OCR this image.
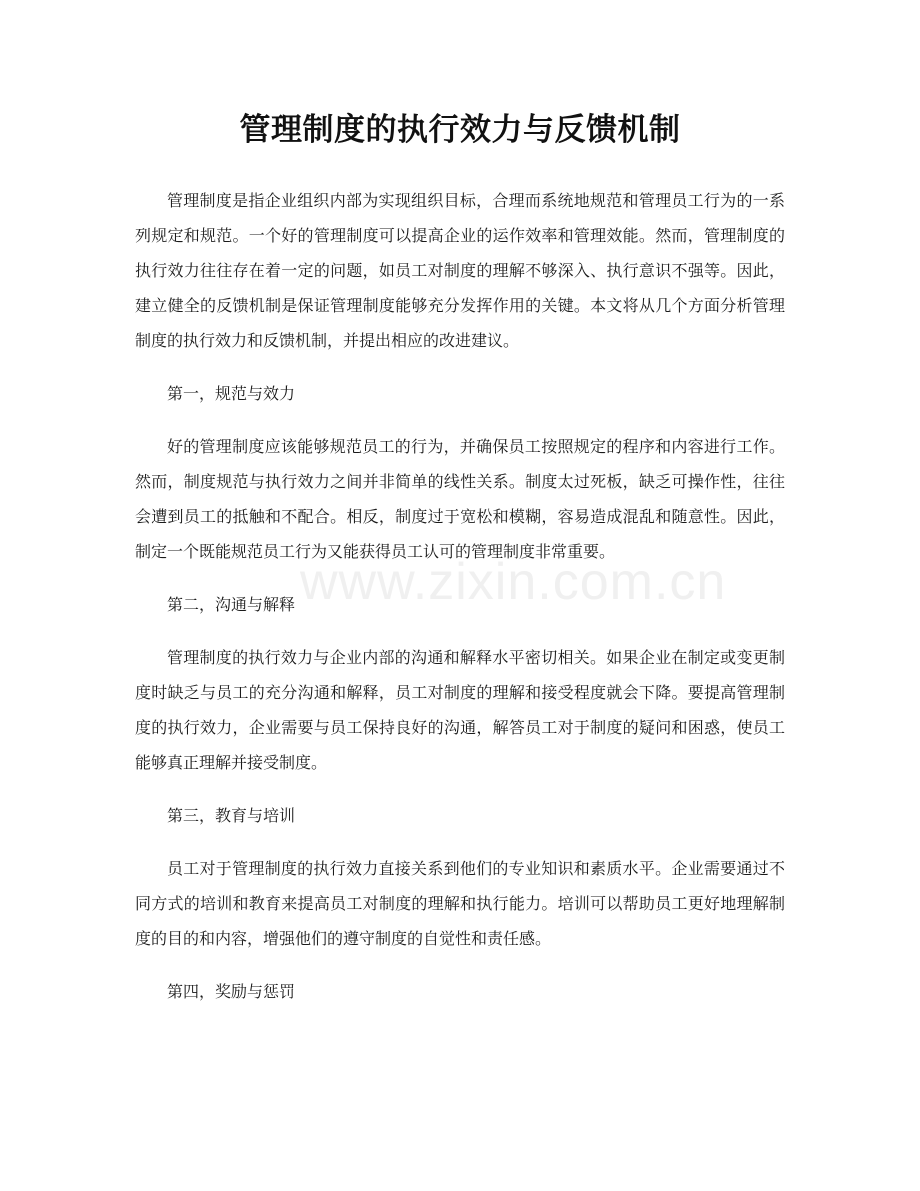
www.zixin.com.cn
管理制度的执行效力与反馈机制

管理制度是指企业组织内部为实现组织目标，合理而系统地规范和管理员工行为的一系列规定和规范。一个好的管理制度可以提高企业的运作效率和管理效能。然而，管理制度的执行效力往往存在着一定的问题，如员工对制度的理解不够深入、执行意识不强等。因此，建立健全的反馈机制是保证管理制度能够充分发挥作用的关键。本文将从几个方面分析管理制度的执行效力和反馈机制，并提出相应的改进建议。

第一，规范与效力

好的管理制度应该能够规范员工的行为，并确保员工按照规定的程序和内容进行工作。然而，制度规范与执行效力之间并非简单的线性关系。制度太过死板，缺乏可操作性，往往会遭到员工的抵触和不配合。相反，制度过于宽松和模糊，容易造成混乱和随意性。因此，制定一个既能规范员工行为又能获得员工认可的管理制度非常重要。

第二，沟通与解释

管理制度的执行效力与企业内部的沟通和解释水平密切相关。如果企业在制定或变更制度时缺乏与员工的充分沟通和解释，员工对制度的理解和接受程度就会下降。要提高管理制度的执行效力，企业需要与员工保持良好的沟通，解答员工对于制度的疑问和困惑，使员工能够真正理解并接受制度。

第三，教育与培训

员工对于管理制度的执行效力直接关系到他们的专业知识和素质水平。企业需要通过不同方式的培训和教育来提高员工对制度的理解和执行能力。培训可以帮助员工更好地理解制度的目的和内容，增强他们的遵守制度的自觉性和责任感。

第四，奖励与惩罚
